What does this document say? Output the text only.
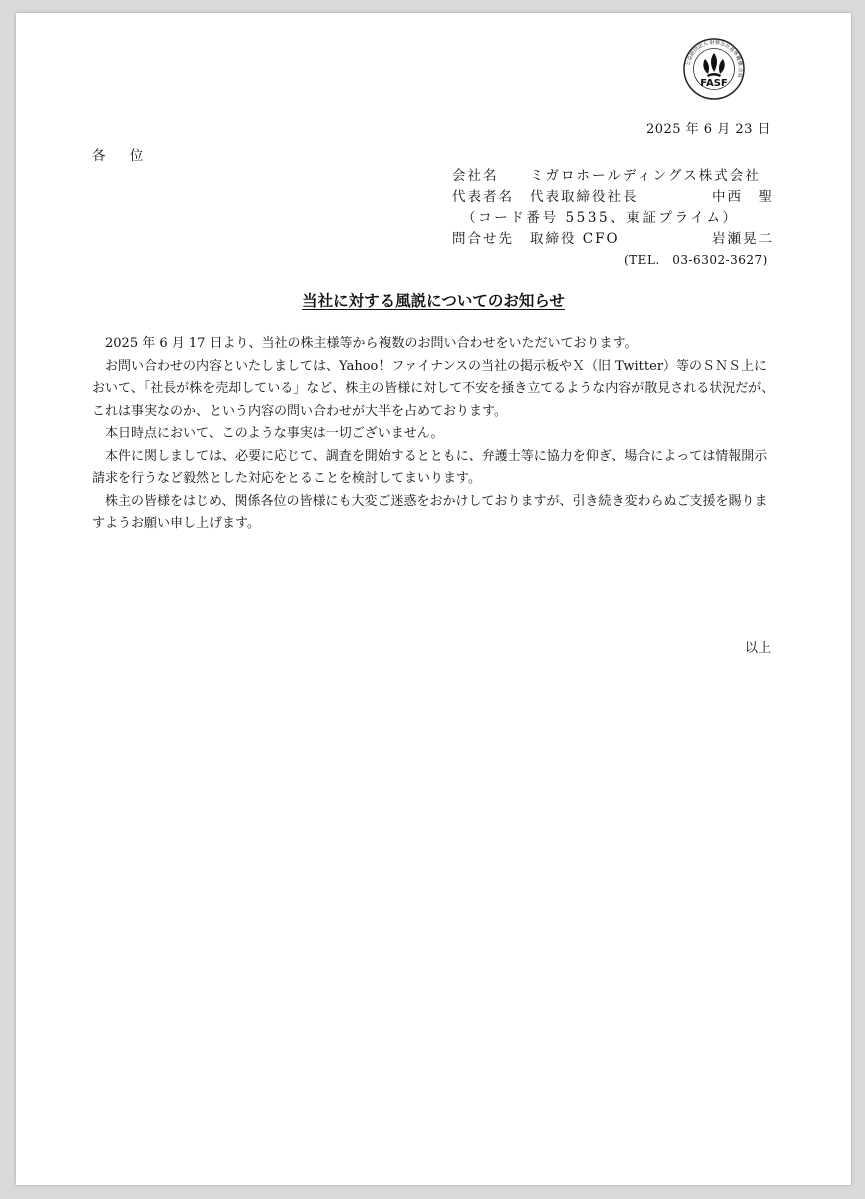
公益財団法人 財務会計基準機構 会員
FASF
2025 年 6 月 23 日
各 位
会社名	ミガロホールディングス株式会社
代表者名	代表取締役社長	中西　聖
（コード番号 5535、東証プライム）
問合せ先	取締役 CFO	岩瀬晃二
(TEL.　03-6302-3627)
当社に対する風説についてのお知らせ

2025 年 6 月 17 日より、当社の株主様等から複数のお問い合わせをいただいております。

お問い合わせの内容といたしましては、Yahoo！ファイナンスの当社の掲示板やＸ（旧 Twitter）等のＳＮＳ上において、「社長が株を売却している」など、株主の皆様に対して不安を掻き立てるような内容が散見される状況だが、これは事実なのか、という内容の問い合わせが大半を占めております。

本日時点において、このような事実は一切ございません。

本件に関しましては、必要に応じて、調査を開始するとともに、弁護士等に協力を仰ぎ、場合によっては情報開示請求を行うなど毅然とした対応をとることを検討してまいります。

株主の皆様をはじめ、関係各位の皆様にも大変ご迷惑をおかけしておりますが、引き続き変わらぬご支援を賜りますようお願い申し上げます。

以上
